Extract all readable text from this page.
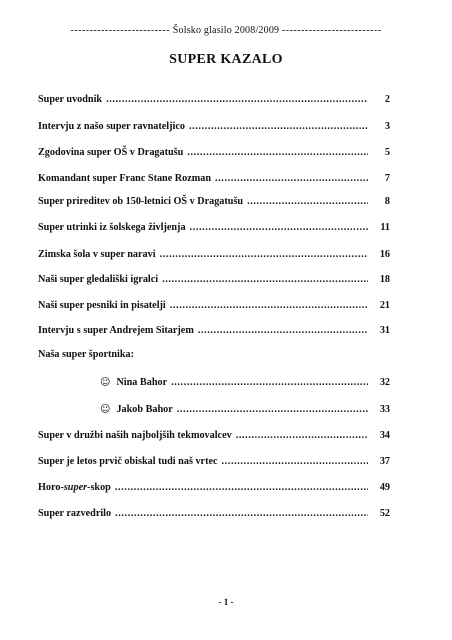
-------------------------- Šolsko glasilo 2008/2009 --------------------------
SUPER KAZALO
Super uvodnik .....	2
Intervju z našo super ravnateljico .....	3
Zgodovina super OŠ v Dragatušu .....	5
Komandant super Franc Stane Rozman .....	7
Super prireditev ob 150-letnici OŠ v Dragatušu .....	8
Super utrinki iz šolskega življenja .....	11
Zimska šola v super naravi .....	16
Naši super gledališki igralci .....	18
Naši super pesniki in pisatelji .....	21
Intervju s super Andrejem Sitarjem .....	31
Naša super športnika:
☺ Nina Bahor .....	32
☺ Jakob Bahor .....	33
Super v družbi naših najboljših tekmovalcev .....	34
Super je letos prvič obiskal tudi naš vrtec .....	37
Horo-super-skop .....	49
Super razvedrilo .....	52
- 1 -
